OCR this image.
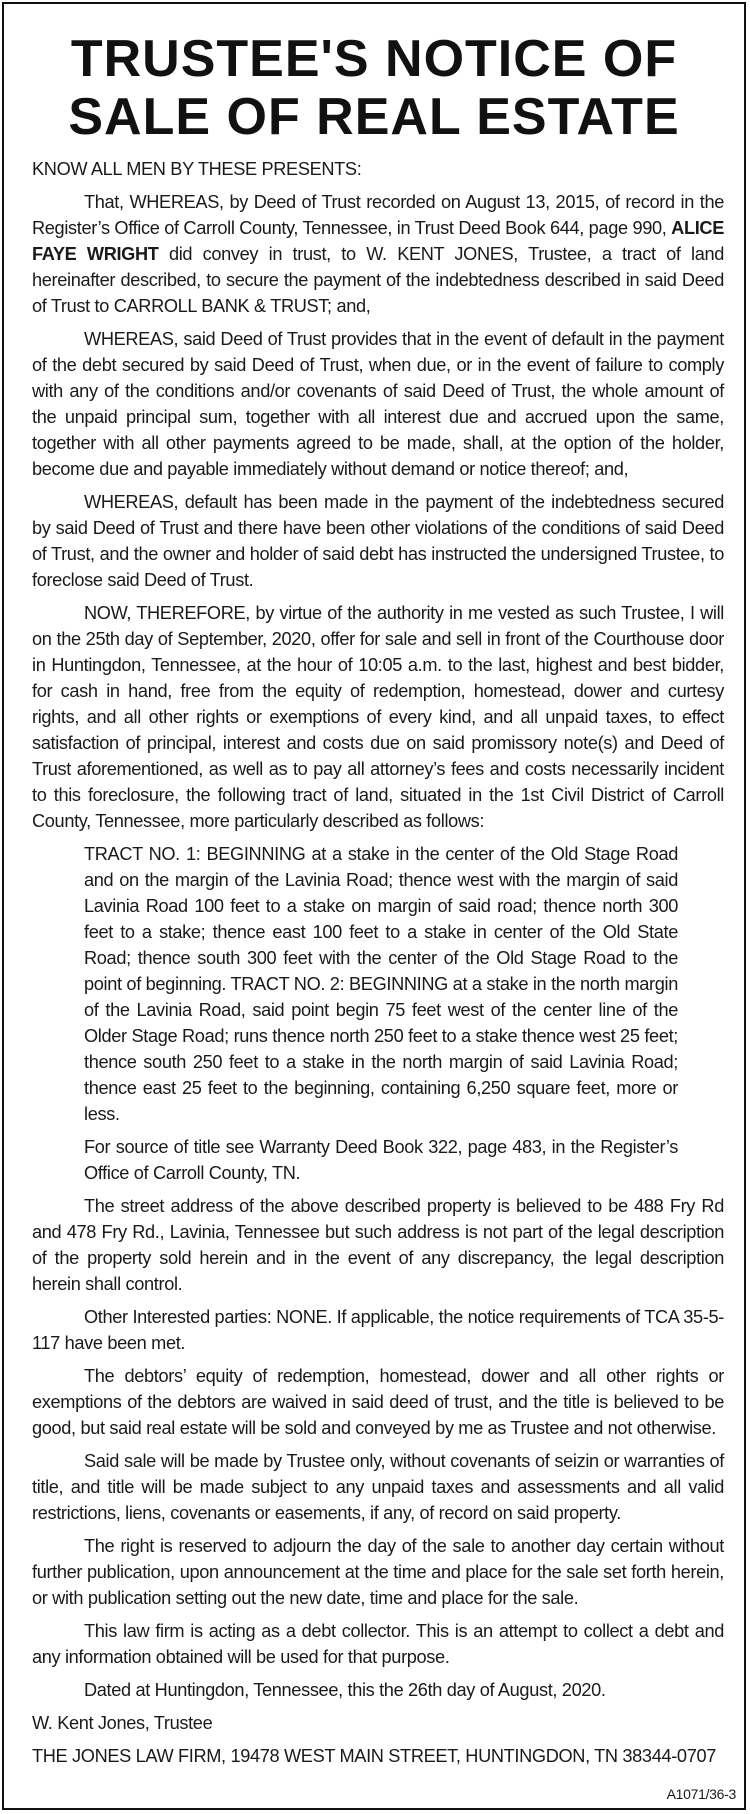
TRUSTEE'S NOTICE OF
SALE OF REAL ESTATE

KNOW ALL MEN BY THESE PRESENTS:

That, WHEREAS, by Deed of Trust recorded on August 13, 2015, of record in the Register’s Office of Carroll County, Tennessee, in Trust Deed Book 644, page 990, ALICE FAYE WRIGHT did convey in trust, to W. KENT JONES, Trustee, a tract of land hereinafter described, to secure the payment of the indebtedness described in said Deed of Trust to CARROLL BANK & TRUST; and,

WHEREAS, said Deed of Trust provides that in the event of default in the payment of the debt secured by said Deed of Trust, when due, or in the event of failure to comply with any of the conditions and/or covenants of said Deed of Trust, the whole amount of the unpaid principal sum, together with all interest due and accrued upon the same, together with all other payments agreed to be made, shall, at the option of the holder, become due and payable immediately without demand or notice thereof; and,

WHEREAS, default has been made in the payment of the indebtedness secured by said Deed of Trust and there have been other violations of the conditions of said Deed of Trust, and the owner and holder of said debt has instructed the undersigned Trustee, to foreclose said Deed of Trust.

NOW, THEREFORE, by virtue of the authority in me vested as such Trustee, I will on the 25th day of September, 2020, offer for sale and sell in front of the Courthouse door in Huntingdon, Tennessee, at the hour of 10:05 a.m. to the last, highest and best bidder, for cash in hand, free from the equity of redemption, homestead, dower and curtesy rights, and all other rights or exemptions of every kind, and all unpaid taxes, to effect satisfaction of principal, interest and costs due on said promissory note(s) and Deed of Trust aforementioned, as well as to pay all attorney’s fees and costs necessarily incident to this foreclosure, the following tract of land, situated in the 1st Civil District of Carroll County, Tennessee, more particularly described as follows:

TRACT NO. 1: BEGINNING at a stake in the center of the Old Stage Road and on the margin of the Lavinia Road; thence west with the margin of said Lavinia Road 100 feet to a stake on margin of said road; thence north 300 feet to a stake; thence east 100 feet to a stake in center of the Old State Road; thence south 300 feet with the center of the Old Stage Road to the point of beginning. TRACT NO. 2: BEGINNING at a stake in the north margin of the Lavinia Road, said point begin 75 feet west of the center line of the Older Stage Road; runs thence north 250 feet to a stake thence west 25 feet; thence south 250 feet to a stake in the north margin of said Lavinia Road; thence east 25 feet to the beginning, containing 6,250 square feet, more or less.

For source of title see Warranty Deed Book 322, page 483, in the Register’s Office of Carroll County, TN.

The street address of the above described property is believed to be 488 Fry Rd and 478 Fry Rd., Lavinia, Tennessee but such address is not part of the legal description of the property sold herein and in the event of any discrepancy, the legal description herein shall control.

Other Interested parties: NONE. If applicable, the notice requirements of TCA 35-5-117 have been met.

The debtors’ equity of redemption, homestead, dower and all other rights or exemptions of the debtors are waived in said deed of trust, and the title is believed to be good, but said real estate will be sold and conveyed by me as Trustee and not otherwise.

Said sale will be made by Trustee only, without covenants of seizin or warranties of title, and title will be made subject to any unpaid taxes and assessments and all valid restrictions, liens, covenants or easements, if any, of record on said property.

The right is reserved to adjourn the day of the sale to another day certain without further publication, upon announcement at the time and place for the sale set forth herein, or with publication setting out the new date, time and place for the sale.

This law firm is acting as a debt collector. This is an attempt to collect a debt and any information obtained will be used for that purpose.

Dated at Huntingdon, Tennessee, this the 26th day of August, 2020.

W. Kent Jones, Trustee

THE JONES LAW FIRM, 19478 WEST MAIN STREET, HUNTINGDON, TN 38344-0707

A1071/36-3
